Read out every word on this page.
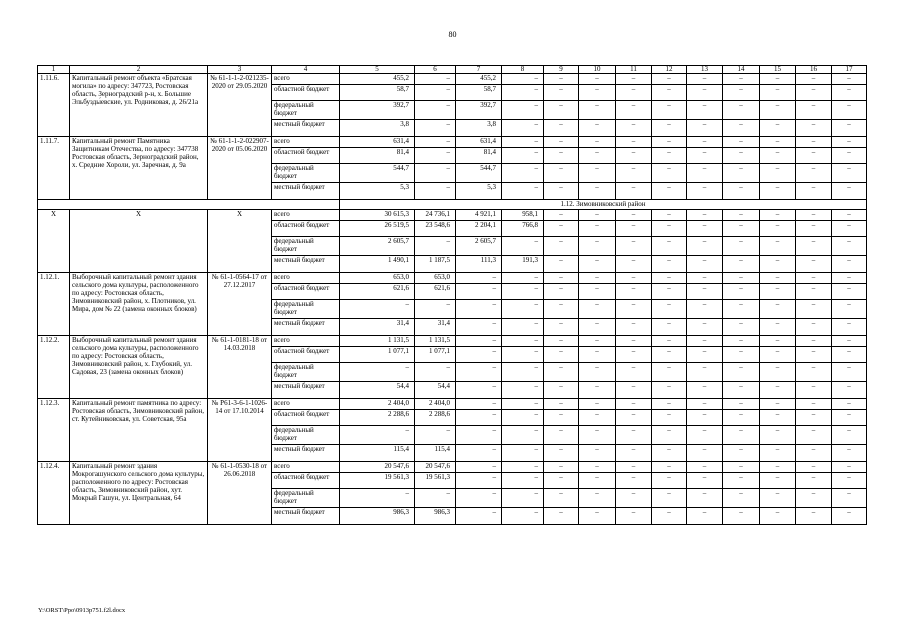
80
1	2	3	4	5	6	7	8	9	10	11	12	13	14	15	16	17
1.11.6.	Капитальный ремонт объекта «Братская могила» по адресу: 347723, Ростовская область, Зерноградский р-н, х. Большие Эльбузды́евские, ул. Родниковая, д. 26/21а	№ 61-1-1-2-021235-2020 от 29.05.2020	всего	455,2	–	455,2	–	–	–	–	–	–	–	–	–	–
			областной бюджет	58,7	–	58,7	–	–	–	–	–	–	–	–	–	–
			федеральный бюджет	392,7	–	392,7	–	–	–	–	–	–	–	–	–	–
			местный бюджет	3,8	–	3,8	–	–	–	–	–	–	–	–	–	–
1.11.7.	Капитальный ремонт Памятника Защитникам Отечества, по адресу: 347738 Ростовская область, Зерноградский район, х. Средние Хороли, ул. Заречная, д. 9а	№ 61-1-1-2-022907-2020 от 05.06.2020	всего	631,4	–	631,4	–	–	–	–	–	–	–	–	–	–
			областной бюджет	81,4	–	81,4	–	–	–	–	–	–	–	–	–	–
			федеральный бюджет	544,7	–	544,7	–	–	–	–	–	–	–	–	–	–
			местный бюджет	5,3	–	5,3	–	–	–	–	–	–	–	–	–	–
				1.12. Зимовниковский район												
X	X	X	всего	30 615,3	24 736,1	4 921,1	958,1	–	–	–	–	–	–	–	–	–
			областной бюджет	26 519,5	23 548,6	2 204,1	766,8	–	–	–	–	–	–	–	–	–
			федеральный бюджет	2 605,7	–	2 605,7	–	–	–	–	–	–	–	–	–	–
			местный бюджет	1 490,1	1 187,5	111,3	191,3	–	–	–	–	–	–	–	–	–
1.12.1.	Выборочный капитальный ремонт здания сельского дома культуры, расположенного по адресу: Ростовская область, Зимовниковский район, х. Плотников, ул. Мира, дом № 22 (замена оконных блоков)	№ 61-1-0564-17 от 27.12.2017	всего	653,0	653,0	–	–	–	–	–	–	–	–	–	–	–
			областной бюджет	621,6	621,6	–	–	–	–	–	–	–	–	–	–	–
			федеральный бюджет	–	–	–	–	–	–	–	–	–	–	–	–	–
			местный бюджет	31,4	31,4	–	–	–	–	–	–	–	–	–	–	–
1.12.2.	Выборочный капитальный ремонт здания сельского дома культуры, расположенного по адресу: Ростовская область, Зимовниковский район, х. Глубокий, ул. Садовая, 23 (замена оконных блоков)	№ 61-1-0181-18 от 14.03.2018	всего	1 131,5	1 131,5	–	–	–	–	–	–	–	–	–	–	–
			областной бюджет	1 077,1	1 077,1	–	–	–	–	–	–	–	–	–	–	–
			федеральный бюджет	–	–	–	–	–	–	–	–	–	–	–	–	–
			местный бюджет	54,4	54,4	–	–	–	–	–	–	–	–	–	–	–
1.12.3.	Капитальный ремонт памятника по адресу: Ростовская область, Зимовниковский район, ст. Кутейниковская, ул. Советская, 95а	№ Р61-3-6-1-1026-14 от 17.10.2014	всего	2 404,0	2 404,0	–	–	–	–	–	–	–	–	–	–	–
			областной бюджет	2 288,6	2 288,6	–	–	–	–	–	–	–	–	–	–	–
			федеральный бюджет	–	–	–	–	–	–	–	–	–	–	–	–	–
			местный бюджет	115,4	115,4	–	–	–	–	–	–	–	–	–	–	–
1.12.4.	Капитальный ремонт здания Мокрогашунского сельского дома культуры, расположенного по адресу: Ростовская область, Зимовниковский район, хут. Мокрый Гашун, ул. Центральная, 64	№ 61-1-0530-18 от 26.06.2018	всего	20 547,6	20 547,6	–	–	–	–	–	–	–	–	–	–	–
			областной бюджет	19 561,3	19 561,3	–	–	–	–	–	–	–	–	–	–	–
			федеральный бюджет	–	–	–	–	–	–	–	–	–	–	–	–	–
			местный бюджет	986,3	986,3	–	–	–	–	–	–	–	–	–	–	–
Y:\ORST\Ppo\0913p751.f2l.docx
